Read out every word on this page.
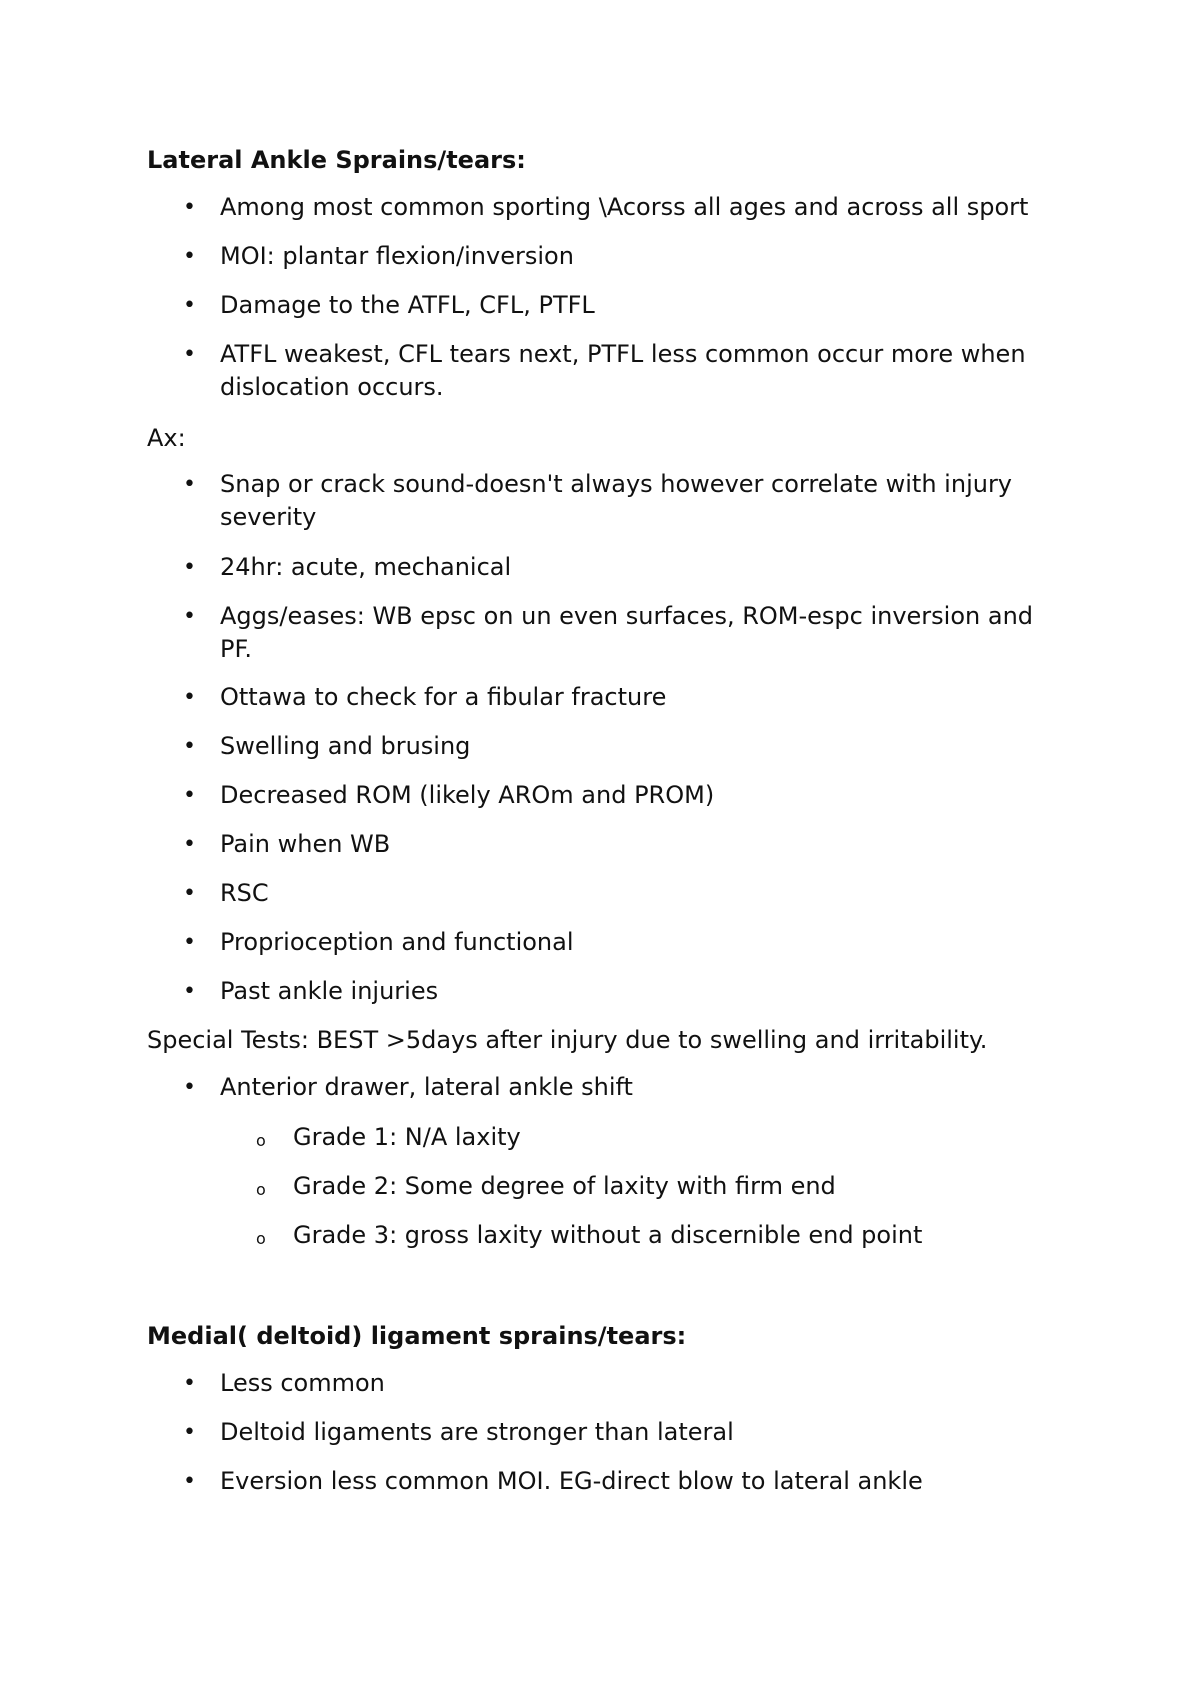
Lateral Ankle Sprains/tears:
• Among most common sporting \Acorss all ages and across all sport
• MOI: plantar flexion/inversion
• Damage to the ATFL, CFL, PTFL
• ATFL weakest, CFL tears next, PTFL less common occur more when dislocation occurs.
Ax:
• Snap or crack sound-doesn't always however correlate with injury severity
• 24hr: acute, mechanical
• Aggs/eases: WB epsc on un even surfaces, ROM-espc inversion and PF.
• Ottawa to check for a fibular fracture
• Swelling and brusing
• Decreased ROM (likely AROm and PROM)
• Pain when WB
• RSC
• Proprioception and functional
• Past ankle injuries
Special Tests: BEST >5days after injury due to swelling and irritability.
• Anterior drawer, lateral ankle shift
o Grade 1: N/A laxity
o Grade 2: Some degree of laxity with firm end
o Grade 3: gross laxity without a discernible end point
Medial( deltoid) ligament sprains/tears:
• Less common
• Deltoid ligaments are stronger than lateral
• Eversion less common MOI. EG-direct blow to lateral ankle
